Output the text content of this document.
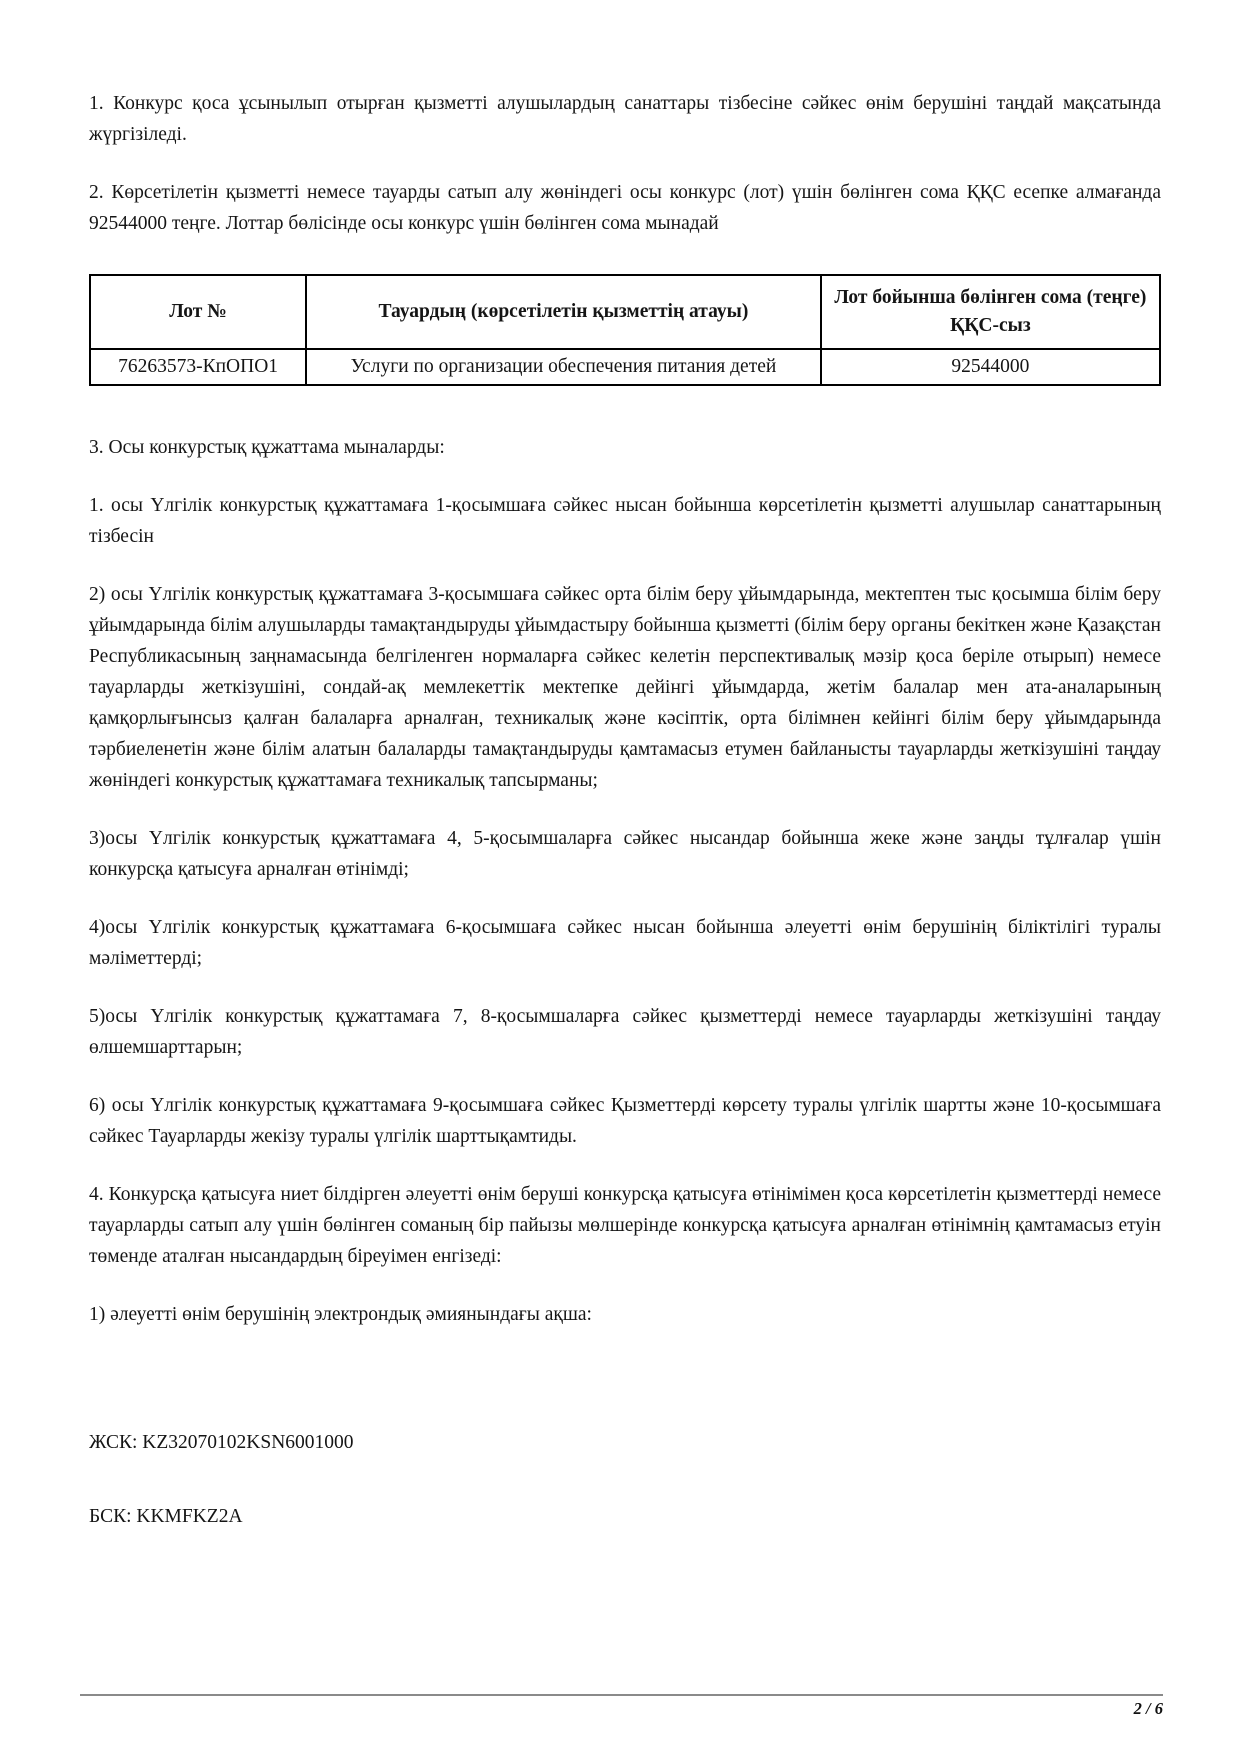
1. Конкурс қоса ұсынылып отырған қызметті алушылардың санаттары тізбесіне сәйкес өнім берушіні таңдай мақсатында жүргізіледі.

2. Көрсетілетін қызметті немесе тауарды сатып алу жөніндегі осы конкурс (лот) үшін бөлінген сома ҚҚС есепке алмағанда 92544000 теңге. Лоттар бөлісінде осы конкурс үшін бөлінген сома мынадай

Лот №	Тауардың (көрсетілетін қызметтің атауы)	Лот бойынша бөлінген сома (теңге) ҚҚС-сыз
76263573-КпОПО1	Услуги по организации обеспечения питания детей	92544000

3. Осы конкурстық құжаттама мыналарды:

1. осы Үлгілік конкурстық құжаттамаға 1-қосымшаға сәйкес нысан бойынша көрсетілетін қызметті алушылар санаттарының тізбесін

2) осы Үлгілік конкурстық құжаттамаға 3-қосымшаға сәйкес орта білім беру ұйымдарында, мектептен тыс қосымша білім беру ұйымдарында білім алушыларды тамақтандыруды ұйымдастыру бойынша қызметті (білім беру органы бекіткен және Қазақстан Республикасының заңнамасында белгіленген нормаларға сәйкес келетін перспективалық мәзір қоса беріле отырып) немесе тауарларды жеткізушіні, сондай-ақ мемлекеттік мектепке дейінгі ұйымдарда, жетім балалар мен ата-аналарының қамқорлығынсыз қалған балаларға арналған, техникалық және кәсіптік, орта білімнен кейінгі білім беру ұйымдарында тәрбиеленетін және білім алатын балаларды тамақтандыруды қамтамасыз етумен байланысты тауарларды жеткізушіні таңдау жөніндегі конкурстық құжаттамаға техникалық тапсырманы;

3)осы Үлгілік конкурстық құжаттамаға 4, 5-қосымшаларға сәйкес нысандар бойынша жеке және заңды тұлғалар үшін конкурсқа қатысуға арналған өтінімді;

4)осы Үлгілік конкурстық құжаттамаға 6-қосымшаға сәйкес нысан бойынша әлеуетті өнім берушінің біліктілігі туралы мәліметтерді;

5)осы Үлгілік конкурстық құжаттамаға 7, 8-қосымшаларға сәйкес қызметтерді немесе тауарларды жеткізушіні таңдау өлшемшарттарын;

6) осы Үлгілік конкурстық құжаттамаға 9-қосымшаға сәйкес Қызметтерді көрсету туралы үлгілік шартты және 10-қосымшаға сәйкес Тауарларды жекізу туралы үлгілік шарттықамтиды.

4. Конкурсқа қатысуға ниет білдірген әлеуетті өнім беруші конкурсқа қатысуға өтінімімен қоса көрсетілетін қызметтерді немесе тауарларды сатып алу үшін бөлінген соманың бір пайызы мөлшерінде конкурсқа қатысуға арналған өтінімнің қамтамасыз етуін төменде аталған нысандардың біреуімен енгізеді:

1) әлеуетті өнім берушінің электрондық әмиянындағы ақша:

ЖСК: KZ32070102KSN6001000

БСК: KKMFKZ2A

2 / 6
